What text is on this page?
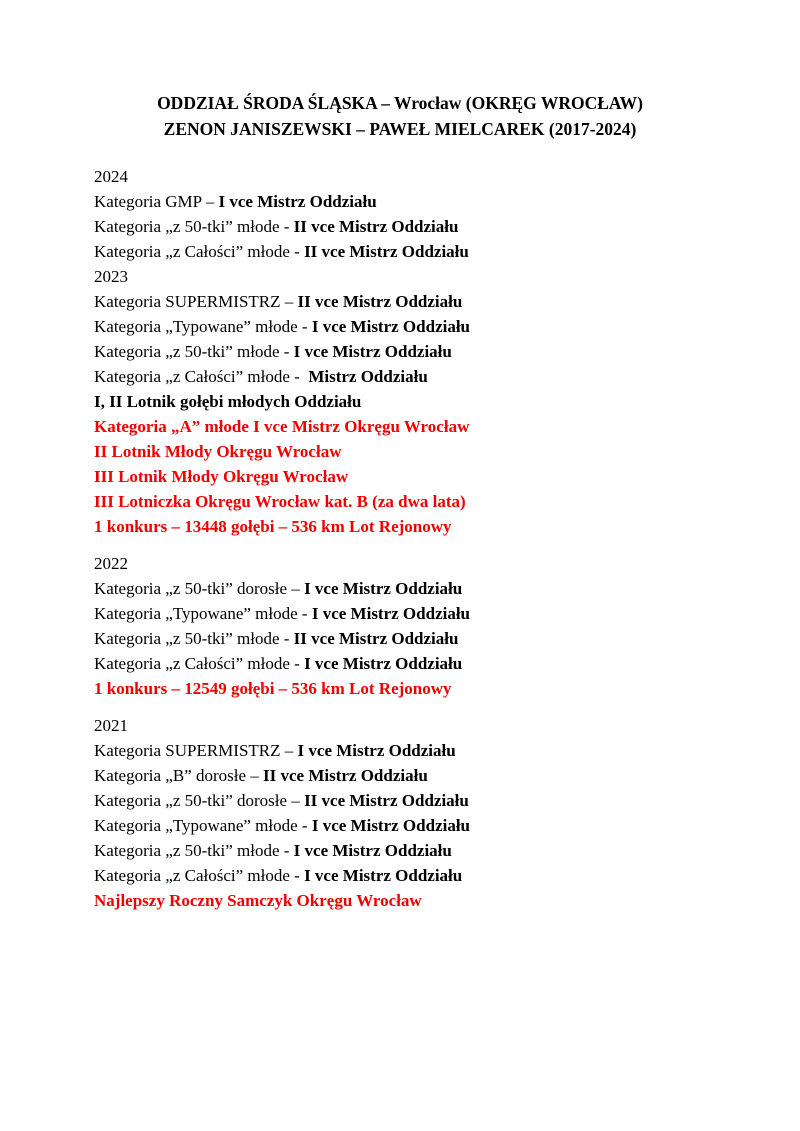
ODDZIAŁ ŚRODA ŚLĄSKA – Wrocław (OKRĘG WROCŁAW)
ZENON JANISZEWSKI – PAWEŁ MIELCAREK (2017-2024)
2024
Kategoria GMP – I vce Mistrz Oddziału
Kategoria „z 50-tki” młode - II vce Mistrz Oddziału
Kategoria „z Całości” młode - II vce Mistrz Oddziału
2023
Kategoria SUPERMISTRZ – II vce Mistrz Oddziału
Kategoria „Typowane” młode - I vce Mistrz Oddziału
Kategoria „z 50-tki” młode - I vce Mistrz Oddziału
Kategoria „z Całości” młode -  Mistrz Oddziału
I, II Lotnik gołębi młodych Oddziału
Kategoria „A” młode I vce Mistrz Okręgu Wrocław
II Lotnik Młody Okręgu Wrocław
III Lotnik Młody Okręgu Wrocław
III Lotniczka Okręgu Wrocław kat. B (za dwa lata)
1 konkurs – 13448 gołębi – 536 km Lot Rejonowy
2022
Kategoria „z 50-tki” dorosłe – I vce Mistrz Oddziału
Kategoria „Typowane” młode - I vce Mistrz Oddziału
Kategoria „z 50-tki” młode - II vce Mistrz Oddziału
Kategoria „z Całości” młode - I vce Mistrz Oddziału
1 konkurs – 12549 gołębi – 536 km Lot Rejonowy
2021
Kategoria SUPERMISTRZ – I vce Mistrz Oddziału
Kategoria „B” dorosłe – II vce Mistrz Oddziału
Kategoria „z 50-tki” dorosłe – II vce Mistrz Oddziału
Kategoria „Typowane” młode - I vce Mistrz Oddziału
Kategoria „z 50-tki” młode - I vce Mistrz Oddziału
Kategoria „z Całości” młode - I vce Mistrz Oddziału
Najlepszy Roczny Samczyk Okręgu Wrocław
